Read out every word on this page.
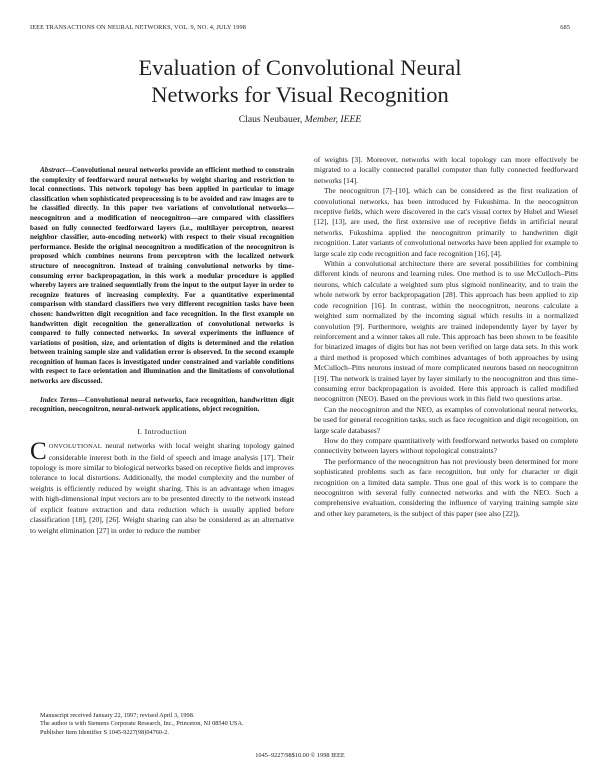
IEEE TRANSACTIONS ON NEURAL NETWORKS, VOL. 9, NO. 4, JULY 1998	685
Evaluation of Convolutional Neural
Networks for Visual Recognition
Claus Neubauer, Member, IEEE

Abstract—Convolutional neural networks provide an efficient method to constrain the complexity of feedforward neural networks by weight sharing and restriction to local connections. This network topology has been applied in particular to image classification when sophisticated preprocessing is to be avoided and raw images are to be classified directly. In this paper two variations of convolutional networks—neocognitron and a modification of neocognitron—are compared with classifiers based on fully connected feedforward layers (i.e., multilayer perceptron, nearest neighbor classifier, auto-encoding network) with respect to their visual recognition performance. Beside the original neocognitron a modification of the neocognitron is proposed which combines neurons from perceptron with the localized network structure of neocognitron. Instead of training convolutional networks by time-consuming error backpropagation, in this work a modular procedure is applied whereby layers are trained sequentially from the input to the output layer in order to recognize features of increasing complexity. For a quantitative experimental comparison with standard classifiers two very different recognition tasks have been chosen: handwritten digit recognition and face recognition. In the first example on handwritten digit recognition the generalization of convolutional networks is compared to fully connected networks. In several experiments the influence of variations of position, size, and orientation of digits is determined and the relation between training sample size and validation error is observed. In the second example recognition of human faces is investigated under constrained and variable conditions with respect to face orientation and illumination and the limitations of convolutional networks are discussed.

Index Terms—Convolutional neural networks, face recognition, handwritten digit recognition, neocognitron, neural-network applications, object recognition.

I. Introduction

CONVOLUTIONAL neural networks with local weight sharing topology gained considerable interest both in the field of speech and image analysis [17]. Their topology is more similar to biological networks based on receptive fields and improves tolerance to local distortions. Additionally, the model complexity and the number of weights is efficiently reduced by weight sharing. This is an advantage when images with high-dimensional input vectors are to be presented directly to the network instead of explicit feature extraction and data reduction which is usually applied before classification [18], [20], [26]. Weight sharing can also be considered as an alternative to weight elimination [27] in order to reduce the number

of weights [3]. Moreover, networks with local topology can more effectively be migrated to a locally connected parallel computer than fully connected feedforward networks [14].

The neocognitron [7]–[10], which can be considered as the first realization of convolutional networks, has been introduced by Fukushima. In the neocognitron receptive fields, which were discovered in the cat's visual cortex by Hubel and Wiesel [12], [13], are used, the first extensive use of receptive fields in artificial neural networks. Fukushima applied the neocognitron primarily to handwritten digit recognition. Later variants of convolutional networks have been applied for example to large scale zip code recognition and face recognition [16], [4].

Within a convolutional architecture there are several possibilities for combining different kinds of neurons and learning rules. One method is to use McCulloch–Pitts neurons, which calculate a weighted sum plus sigmoid nonlinearity, and to train the whole network by error backpropagation [28]. This approach has been applied to zip code recognition [16]. In contrast, within the neocognitron, neurons calculate a weighted sum normalized by the incoming signal which results in a normalized convolution [9]. Furthermore, weights are trained independently layer by layer by reinforcement and a winner takes all rule. This approach has been shown to be feasible for binarized images of digits but has not been verified on large data sets. In this work a third method is proposed which combines advantages of both approaches by using McCulloch–Pitts neurons instead of more complicated neurons based on neocognitron [19]. The network is trained layer by layer similarly to the neocognitron and thus time-consuming error backpropagation is avoided. Here this approach is called modified neocognitron (NEO). Based on the previous work in this field two questions arise.

Can the neocognitron and the NEO, as examples of convolutional neural networks, be used for general recognition tasks, such as face recognition and digit recognition, on large scale databases?

How do they compare quantitatively with feedforward networks based on complete connectivity between layers without topological constraints?

The performance of the neocognitron has not previously been determined for more sophisticated problems such as face recognition, but only for character or digit recognition on a limited data sample. Thus one goal of this work is to compare the neocognitron with several fully connected networks and with the NEO. Such a comprehensive evaluation, considering the influence of varying training sample size and other key parameters, is the subject of this paper (see also [22]).

Manuscript received January 22, 1997; revised April 3, 1998.

The author is with Siemens Corporate Research, Inc., Princeton, NJ 08540 USA.

Publisher Item Identifier S 1045-9227(98)04760-2.

1045–9227/98$10.00 © 1998 IEEE
